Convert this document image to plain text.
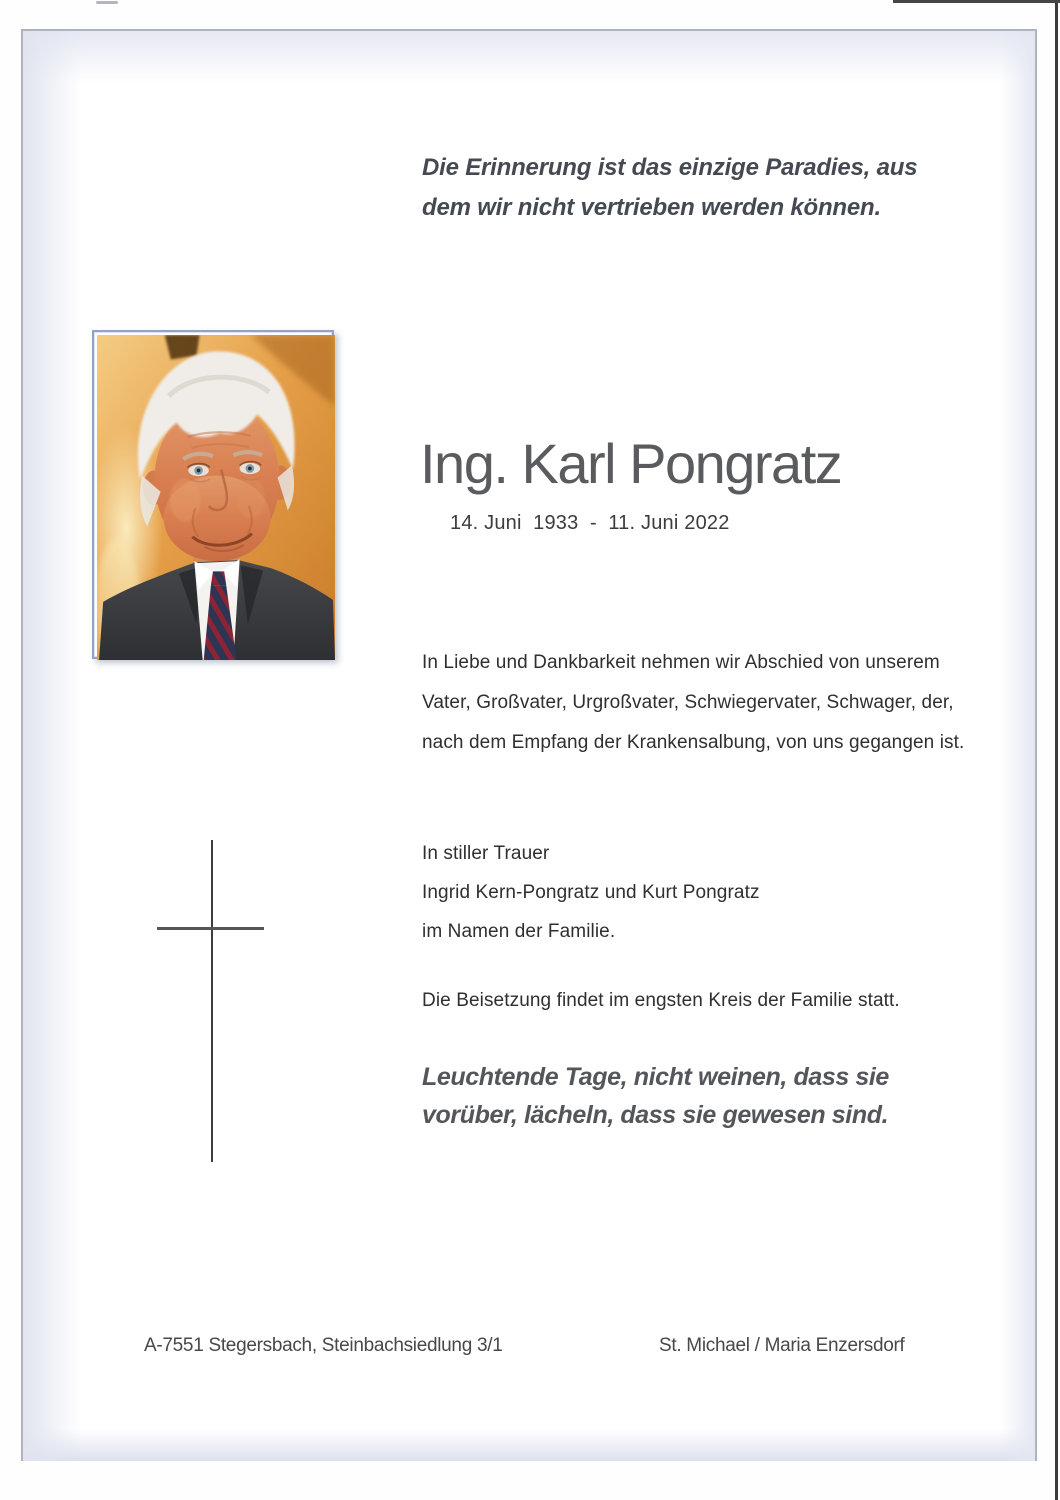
Die Erinnerung ist das einzige Paradies, aus
dem wir nicht vertrieben werden können.
Ing. Karl Pongratz
14. Juni  1933  -  11. Juni 2022
In Liebe und Dankbarkeit nehmen wir Abschied von unserem
Vater, Großvater, Urgroßvater, Schwiegervater, Schwager, der,
nach dem Empfang der Krankensalbung, von uns gegangen ist.
In stiller Trauer
Ingrid Kern-Pongratz und Kurt Pongratz
im Namen der Familie.
Die Beisetzung findet im engsten Kreis der Familie statt.
Leuchtende Tage, nicht weinen, dass sie
vorüber, lächeln, dass sie gewesen sind.
A-7551 Stegersbach, Steinbachsiedlung 3/1	St. Michael / Maria Enzersdorf
